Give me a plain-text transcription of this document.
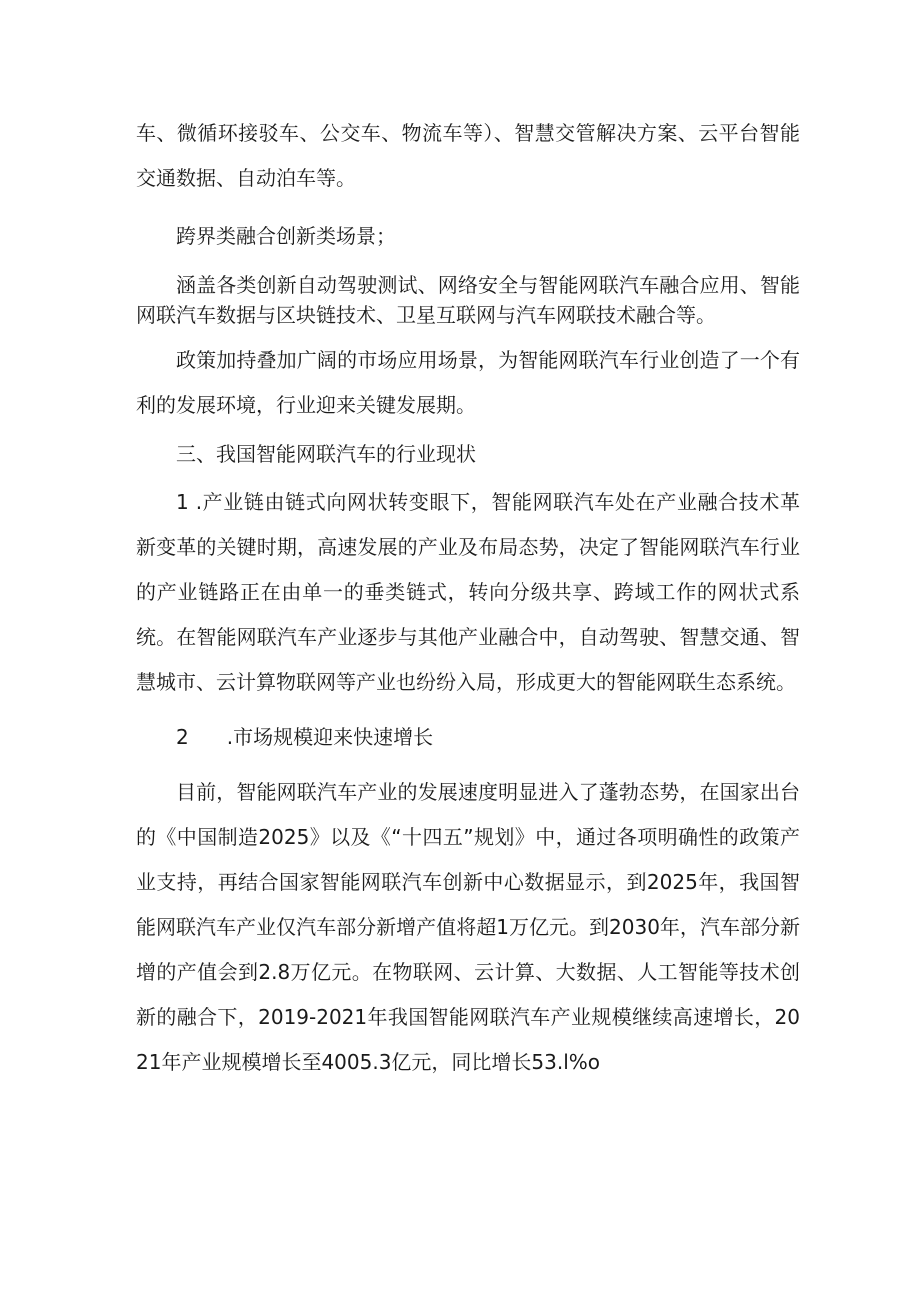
车、微循环接驳车、公交车、物流车等）、智慧交管解决方案、云平台智能交通数据、自动泊车等。

跨界类融合创新类场景；

涵盖各类创新自动驾驶测试、网络安全与智能网联汽车融合应用、智能网联汽车数据与区块链技术、卫星互联网与汽车网联技术融合等。

政策加持叠加广阔的市场应用场景，为智能网联汽车行业创造了一个有利的发展环境，行业迎来关键发展期。

三、我国智能网联汽车的行业现状

1 .产业链由链式向网状转变眼下，智能网联汽车处在产业融合技术革新变革的关键时期，高速发展的产业及布局态势，决定了智能网联汽车行业的产业链路正在由单一的垂类链式，转向分级共享、跨域工作的网状式系统。在智能网联汽车产业逐步与其他产业融合中，自动驾驶、智慧交通、智慧城市、云计算物联网等产业也纷纷入局，形成更大的智能网联生态系统。

2 .市场规模迎来快速增长

目前，智能网联汽车产业的发展速度明显进入了蓬勃态势，在国家出台的《中国制造2025》以及《“十四五”规划》中，通过各项明确性的政策产业支持，再结合国家智能网联汽车创新中心数据显示，到2025年，我国智能网联汽车产业仅汽车部分新增产值将超1万亿元。到2030年，汽车部分新增的产值会到2.8万亿元。在物联网、云计算、大数据、人工智能等技术创新的融合下，2019-2021年我国智能网联汽车产业规模继续高速增长，2021年产业规模增长至4005.3亿元，同比增长53.l%o
